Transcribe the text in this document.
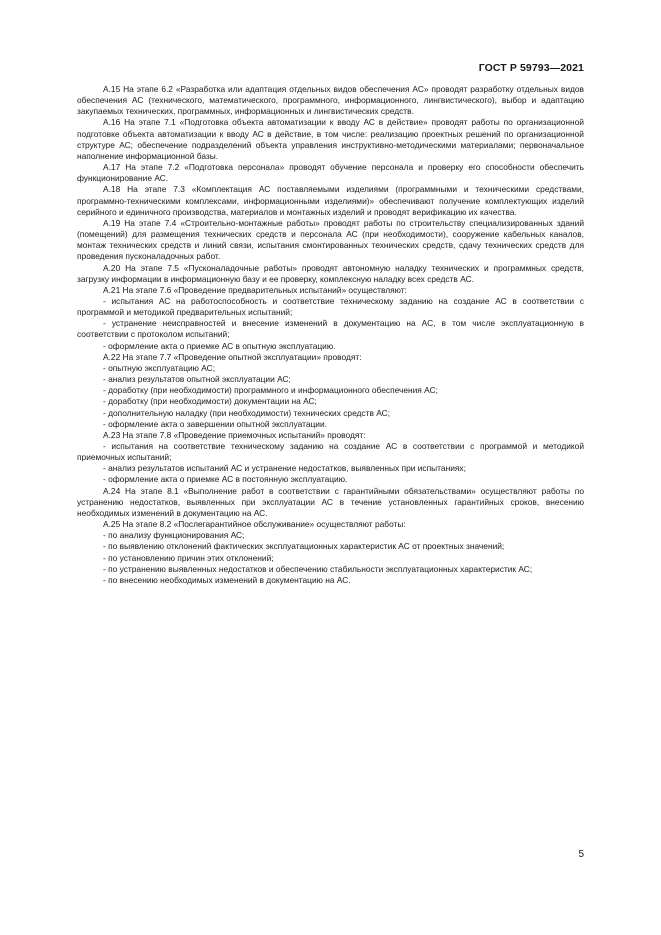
ГОСТ Р 59793—2021

А.15 На этапе 6.2 «Разработка или адаптация отдельных видов обеспечения АС» проводят разработку отдельных видов обеспечения АС (технического, математического, программного, информационного, лингвистического), выбор и адаптацию закупаемых технических, программных, информационных и лингвистических средств.

А.16 На этапе 7.1 «Подготовка объекта автоматизации к вводу АС в действие» проводят работы по организационной подготовке объекта автоматизации к вводу АС в действие, в том числе: реализацию проектных решений по организационной структуре АС; обеспечение подразделений объекта управления инструктивно-методическими материалами; первоначальное наполнение информационной базы.

А.17 На этапе 7.2 «Подготовка персонала» проводят обучение персонала и проверку его способности обеспечить функционирование АС.

А.18 На этапе 7.3 «Комплектация АС поставляемыми изделиями (программными и техническими средствами, программно-техническими комплексами, информационными изделиями)» обеспечивают получение комплектующих изделий серийного и единичного производства, материалов и монтажных изделий и проводят верификацию их качества.

А.19 На этапе 7.4 «Строительно-монтажные работы» проводят работы по строительству специализированных зданий (помещений) для размещения технических средств и персонала АС (при необходимости), сооружение кабельных каналов, монтаж технических средств и линий связи, испытания смонтированных технических средств, сдачу технических средств для проведения пусконаладочных работ.

А.20 На этапе 7.5 «Пусконаладочные работы» проводят автономную наладку технических и программных средств, загрузку информации в информационную базу и ее проверку, комплексную наладку всех средств АС.

А.21 На этапе 7.6 «Проведение предварительных испытаний» осуществляют:

- испытания АС на работоспособность и соответствие техническому заданию на создание АС в соответствии с программой и методикой предварительных испытаний;

- устранение неисправностей и внесение изменений в документацию на АС, в том числе эксплуатационную в соответствии с протоколом испытаний;

- оформление акта о приемке АС в опытную эксплуатацию.

А.22 На этапе 7.7 «Проведение опытной эксплуатации» проводят:

- опытную эксплуатацию АС;

- анализ результатов опытной эксплуатации АС;

- доработку (при необходимости) программного и информационного обеспечения АС;

- доработку (при необходимости) документации на АС;

- дополнительную наладку (при необходимости) технических средств АС;

- оформление акта о завершении опытной эксплуатации.

А.23 На этапе 7.8 «Проведение приемочных испытаний» проводят:

- испытания на соответствие техническому заданию на создание АС в соответствии с программой и методикой приемочных испытаний;

- анализ результатов испытаний АС и устранение недостатков, выявленных при испытаниях;

- оформление акта о приемке АС в постоянную эксплуатацию.

А.24 На этапе 8.1 «Выполнение работ в соответствии с гарантийными обязательствами» осуществляют работы по устранению недостатков, выявленных при эксплуатации АС в течение установленных гарантийных сроков, внесению необходимых изменений в документацию на АС.

А.25 На этапе 8.2 «Послегарантийное обслуживание» осуществляют работы:

- по анализу функционирования АС;

- по выявлению отклонений фактических эксплуатационных характеристик АС от проектных значений;

- по установлению причин этих отклонений;

- по устранению выявленных недостатков и обеспечению стабильности эксплуатационных характеристик АС;

- по внесению необходимых изменений в документацию на АС.

5
